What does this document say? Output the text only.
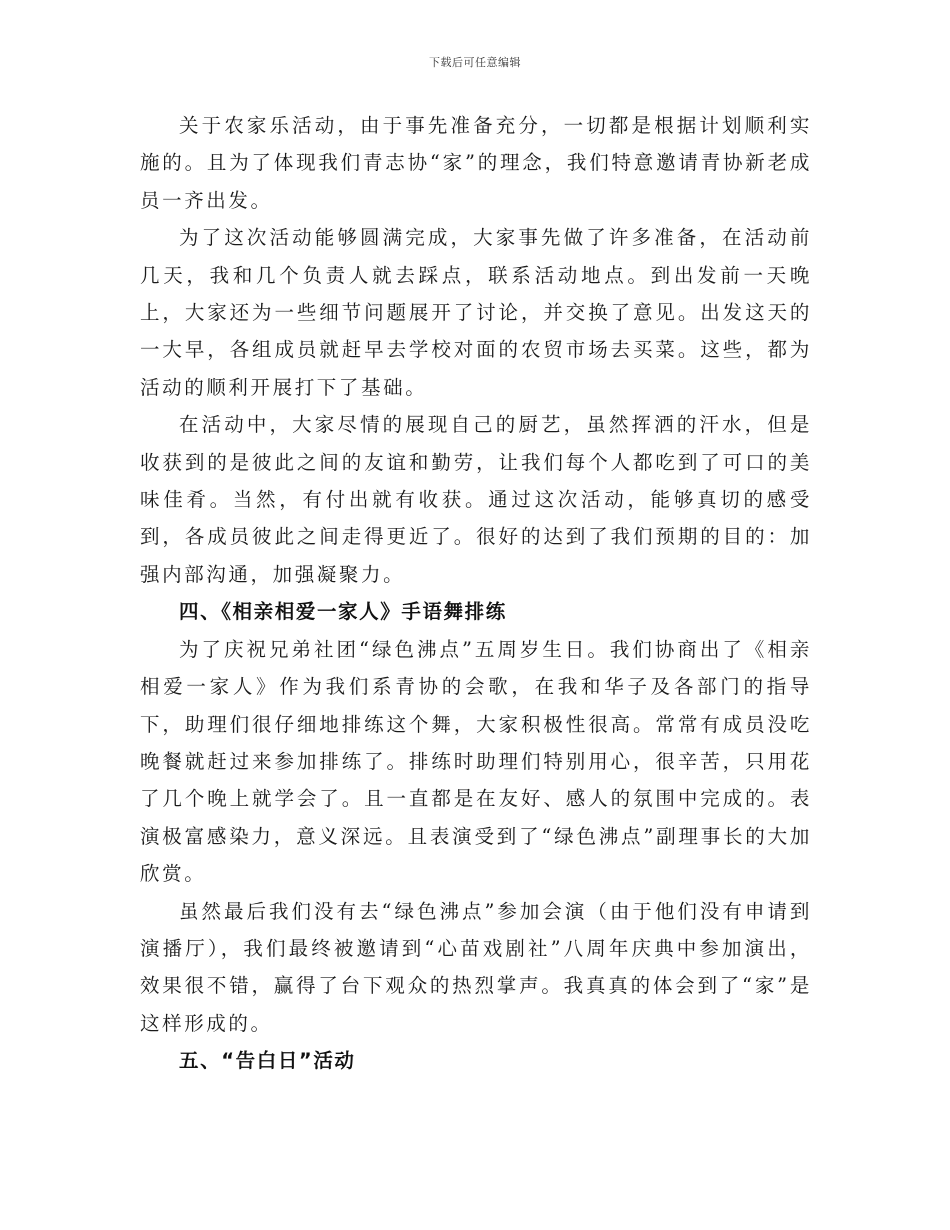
下载后可任意编辑

关于农家乐活动，由于事先准备充分，一切都是根据计划顺利实施的。且为了体现我们青志协“家”的理念，我们特意邀请青协新老成员一齐出发。

为了这次活动能够圆满完成，大家事先做了许多准备，在活动前几天，我和几个负责人就去踩点，联系活动地点。到出发前一天晚上，大家还为一些细节问题展开了讨论，并交换了意见。出发这天的一大早，各组成员就赶早去学校对面的农贸市场去买菜。这些，都为活动的顺利开展打下了基础。

在活动中，大家尽情的展现自己的厨艺，虽然挥洒的汗水，但是收获到的是彼此之间的友谊和勤劳，让我们每个人都吃到了可口的美味佳肴。当然，有付出就有收获。通过这次活动，能够真切的感受到，各成员彼此之间走得更近了。很好的达到了我们预期的目的：加强内部沟通，加强凝聚力。

四、《相亲相爱一家人》手语舞排练

为了庆祝兄弟社团“绿色沸点”五周岁生日。我们协商出了《相亲相爱一家人》作为我们系青协的会歌，在我和华子及各部门的指导下，助理们很仔细地排练这个舞，大家积极性很高。常常有成员没吃晚餐就赶过来参加排练了。排练时助理们特别用心，很辛苦，只用花了几个晚上就学会了。且一直都是在友好、感人的氛围中完成的。表演极富感染力，意义深远。且表演受到了“绿色沸点”副理事长的大加欣赏。

虽然最后我们没有去“绿色沸点”参加会演（由于他们没有申请到演播厅），我们最终被邀请到“心苗戏剧社”八周年庆典中参加演出，效果很不错，赢得了台下观众的热烈掌声。我真真的体会到了“家”是这样形成的。

五、“告白日”活动
